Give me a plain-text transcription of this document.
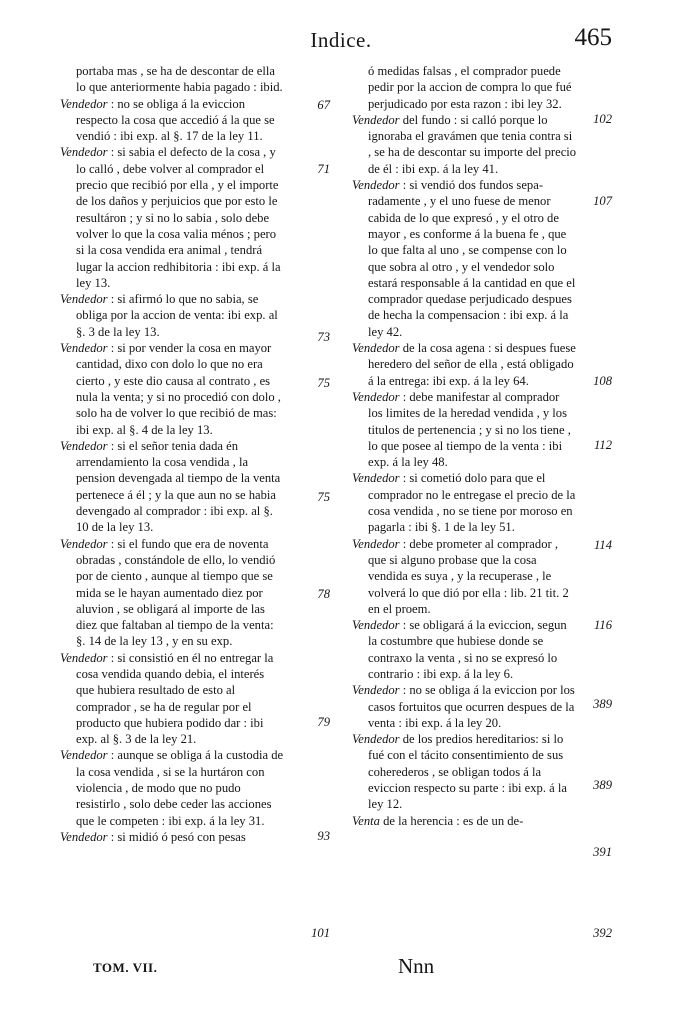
Indice.	465

portaba mas , se ha de descontar de ella lo que anteriormente habia pagado : ibid.

Vendedor : no se obliga á la eviccion respecto la cosa que accedió á la que se vendió : ibi exp. al §. 17 de la ley 11.

Vendedor : si sabia el defecto de la cosa , y lo calló , debe volver al comprador el precio que recibió por ella , y el importe de los daños y perjuicios que por esto le resultáron ; y si no lo sabia , solo debe volver lo que la cosa valia ménos ; pero si la cosa vendida era animal , tendrá lugar la accion redhibitoria : ibi exp. á la ley 13.

Vendedor : si afirmó lo que no sabia, se obliga por la accion de venta: ibi exp. al §. 3 de la ley 13.

Vendedor : si por vender la cosa en mayor cantidad, dixo con dolo lo que no era cierto , y este dio causa al contrato , es nula la venta; y si no procedió con dolo , solo ha de volver lo que recibió de mas: ibi exp. al §. 4 de la ley 13.

Vendedor : si el señor tenia dada én arrendamiento la cosa vendida , la pension devengada al tiempo de la venta pertenece á él ; y la que aun no se habia devengado al comprador : ibi exp. al §. 10 de la ley 13.

Vendedor : si el fundo que era de noventa obradas , constándole de ello, lo vendió por de ciento , aunque al tiempo que se mida se le hayan aumentado diez por aluvion , se obligará al importe de las diez que faltaban al tiempo de la venta: §. 14 de la ley 13 , y en su exp.

Vendedor : si consistió en él no entregar la cosa vendida quando debia, el interés que hubiera resultado de esto al comprador , se ha de regular por el producto que hubiera podido dar : ibi exp. al §. 3 de la ley 21.

Vendedor : aunque se obliga á la custodia de la cosa vendida , si se la hurtáron con violencia , de modo que no pudo resistirlo , solo debe ceder las acciones que le competen : ibi exp. á la ley 31.

Vendedor : si midió ó pesó con pesas

ó medidas falsas , el comprador puede pedir por la accion de compra lo que fué perjudicado por esta razon : ibi ley 32.

Vendedor del fundo : si calló porque lo ignoraba el gravámen que tenia contra si , se ha de descontar su importe del precio de él : ibi exp. á la ley 41.

Vendedor : si vendió dos fundos separadamente , y el uno fuese de menor cabida de lo que expresó , y el otro de mayor , es conforme á la buena fe , que lo que falta al uno , se compense con lo que sobra al otro , y el vendedor solo estará responsable á la cantidad en que el comprador quedase perjudicado despues de hecha la compensacion : ibi exp. á la ley 42.

Vendedor de la cosa agena : si despues fuese heredero del señor de ella , está obligado á la entrega: ibi exp. á la ley 64.

Vendedor : debe manifestar al comprador los limites de la heredad vendida , y los titulos de pertenencia ; y si no los tiene , lo que posee al tiempo de la venta : ibi exp. á la ley 48.

Vendedor : si cometió dolo para que el comprador no le entregase el precio de la cosa vendida , no se tiene por moroso en pagarla : ibi §. 1 de la ley 51.

Vendedor : debe prometer al comprador , que si alguno probase que la cosa vendida es suya , y la recuperase , le volverá lo que dió por ella : lib. 21 tit. 2 en el proem.

Vendedor : se obligará á la eviccion, segun la costumbre que hubiese donde se contraxo la venta , si no se expresó lo contrario : ibi exp. á la ley 6.

Vendedor : no se obliga á la eviccion por los casos fortuitos que ocurren despues de la venta : ibi exp. á la ley 20.

Vendedor de los predios hereditarios: si lo fué con el tácito consentimiento de sus coherederos , se obligan todos á la eviccion respecto su parte : ibi exp. á la ley 12.

Venta de la herencia : es de un de-

67
71
73
75
75
78
79
93
101
102
107
108
112
114
116
389
389
391
392
TOM. VII.	Nnn
